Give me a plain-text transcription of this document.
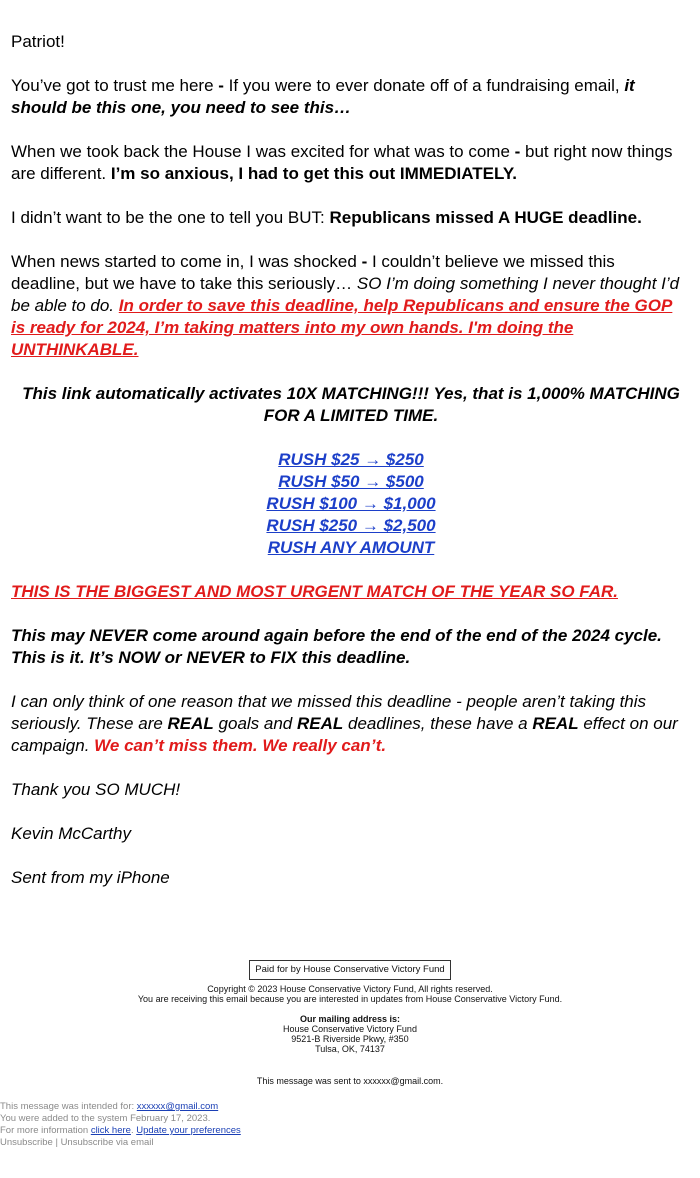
Patriot!

You’ve got to trust me here - If you were to ever donate off of a fundraising email, it should be this one, you need to see this…

When we took back the House I was excited for what was to come - but right now things are different. I’m so anxious, I had to get this out IMMEDIATELY.

I didn’t want to be the one to tell you BUT: Republicans missed A HUGE deadline.

When news started to come in, I was shocked - I couldn’t believe we missed this deadline, but we have to take this seriously… SO I’m doing something I never thought I’d be able to do. In order to save this deadline, help Republicans and ensure the GOP is ready for 2024, I’m taking matters into my own hands. I'm doing the UNTHINKABLE.

This link automatically activates 10X MATCHING!!! Yes, that is 1,000% MATCHING FOR A LIMITED TIME.

RUSH $25 → $250
RUSH $50 → $500
RUSH $100 → $1,000
RUSH $250 → $2,500
RUSH ANY AMOUNT
THIS IS THE BIGGEST AND MOST URGENT MATCH OF THE YEAR SO FAR.

This may NEVER come around again before the end of the end of the 2024 cycle. This is it. It’s NOW or NEVER to FIX this deadline.

I can only think of one reason that we missed this deadline - people aren’t taking this seriously. These are REAL goals and REAL deadlines, these have a REAL effect on our campaign. We can’t miss them. We really can’t.

Thank you SO MUCH!

Kevin McCarthy

Sent from my iPhone

Paid for by House Conservative Victory Fund
Copyright © 2023 House Conservative Victory Fund, All rights reserved.
You are receiving this email because you are interested in updates from House Conservative Victory Fund.
Our mailing address is:
House Conservative Victory Fund
9521-B Riverside Pkwy, #350
Tulsa, OK, 74137
This message was sent to xxxxxx@gmail.com.
This message was intended for: xxxxxx@gmail.com
You were added to the system February 17, 2023.
For more information click here. Update your preferences
Unsubscribe | Unsubscribe via email
